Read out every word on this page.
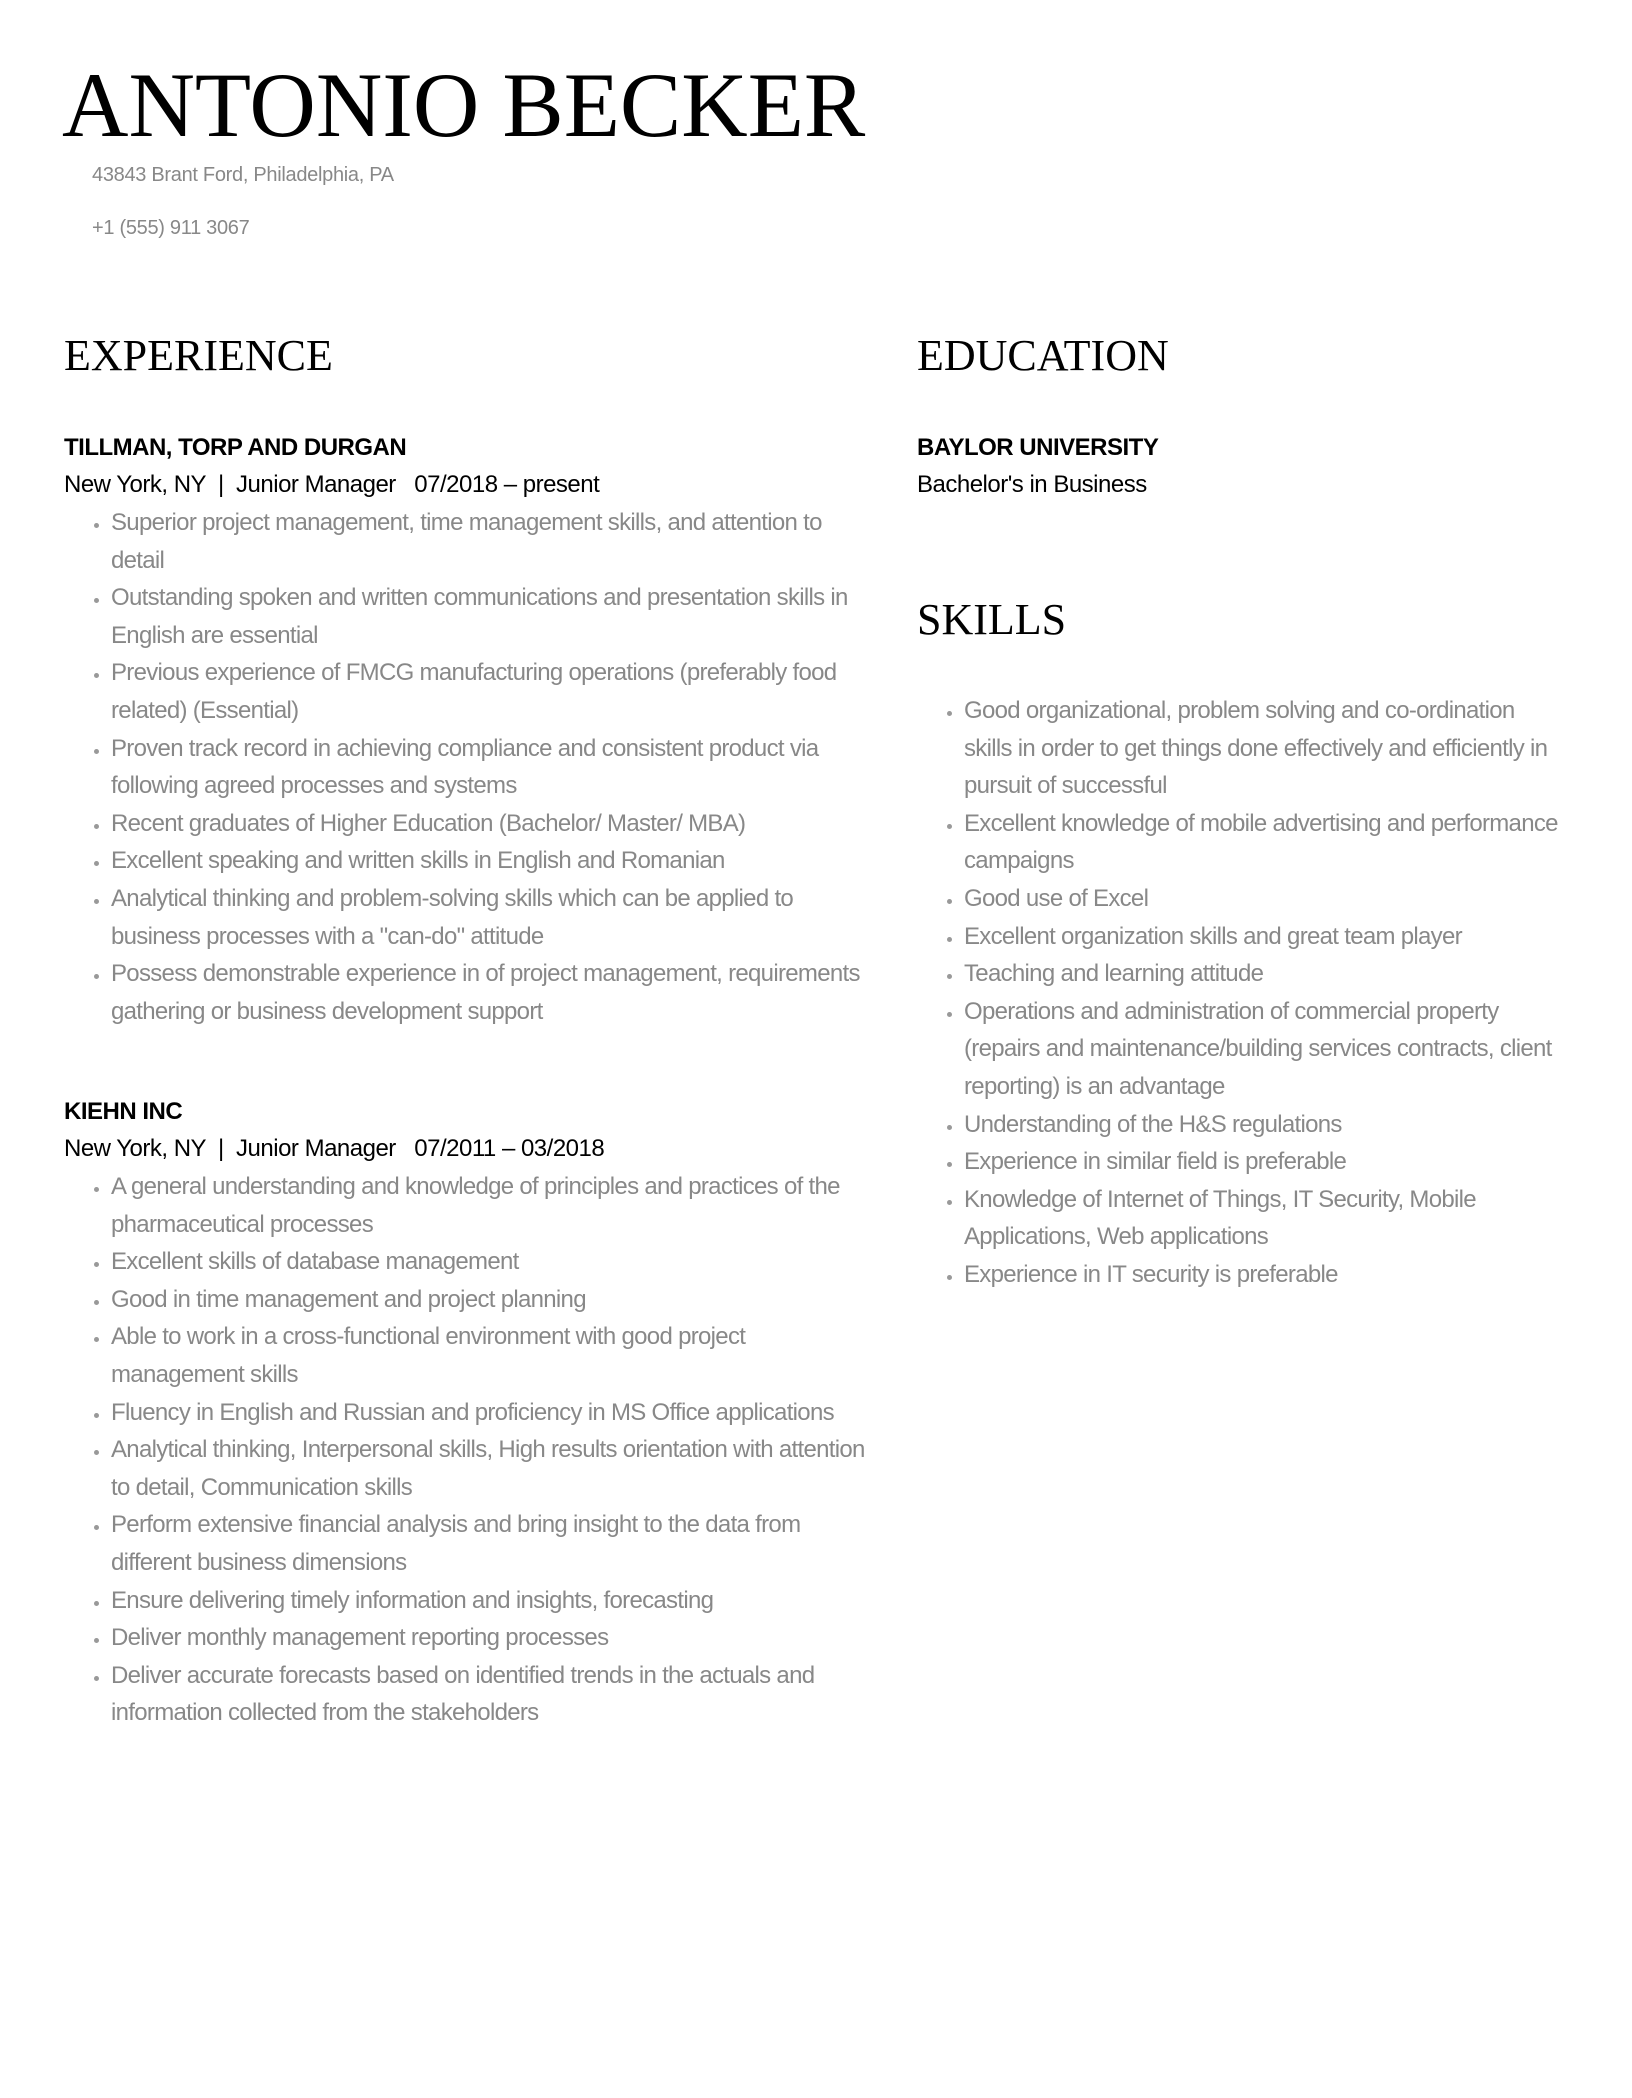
ANTONIO BECKER
43843 Brant Ford, Philadelphia, PA
+1 (555) 911 3067
EXPERIENCE
TILLMAN, TORP AND DURGAN
New York, NY  |  Junior Manager   07/2018 – present
• Superior project management, time management skills, and attention to detail
• Outstanding spoken and written communications and presentation skills in English are essential
• Previous experience of FMCG manufacturing operations (preferably food related) (Essential)
• Proven track record in achieving compliance and consistent product via following agreed processes and systems
• Recent graduates of Higher Education (Bachelor/ Master/ MBA)
• Excellent speaking and written skills in English and Romanian
• Analytical thinking and problem-solving skills which can be applied to business processes with a "can-do" attitude
• Possess demonstrable experience in of project management, requirements gathering or business development support
KIEHN INC
New York, NY  |  Junior Manager   07/2011 – 03/2018
• A general understanding and knowledge of principles and practices of the pharmaceutical processes
• Excellent skills of database management
• Good in time management and project planning
• Able to work in a cross-functional environment with good project management skills
• Fluency in English and Russian and proficiency in MS Office applications
• Analytical thinking, Interpersonal skills, High results orientation with attention to detail, Communication skills
• Perform extensive financial analysis and bring insight to the data from different business dimensions
• Ensure delivering timely information and insights, forecasting
• Deliver monthly management reporting processes
• Deliver accurate forecasts based on identified trends in the actuals and information collected from the stakeholders
EDUCATION
BAYLOR UNIVERSITY
Bachelor's in Business
SKILLS
• Good organizational, problem solving and co-ordination skills in order to get things done effectively and efficiently in pursuit of successful
• Excellent knowledge of mobile advertising and performance campaigns
• Good use of Excel
• Excellent organization skills and great team player
• Teaching and learning attitude
• Operations and administration of commercial property (repairs and maintenance/building services contracts, client reporting) is an advantage
• Understanding of the H&S regulations
• Experience in similar field is preferable
• Knowledge of Internet of Things, IT Security, Mobile Applications, Web applications
• Experience in IT security is preferable
